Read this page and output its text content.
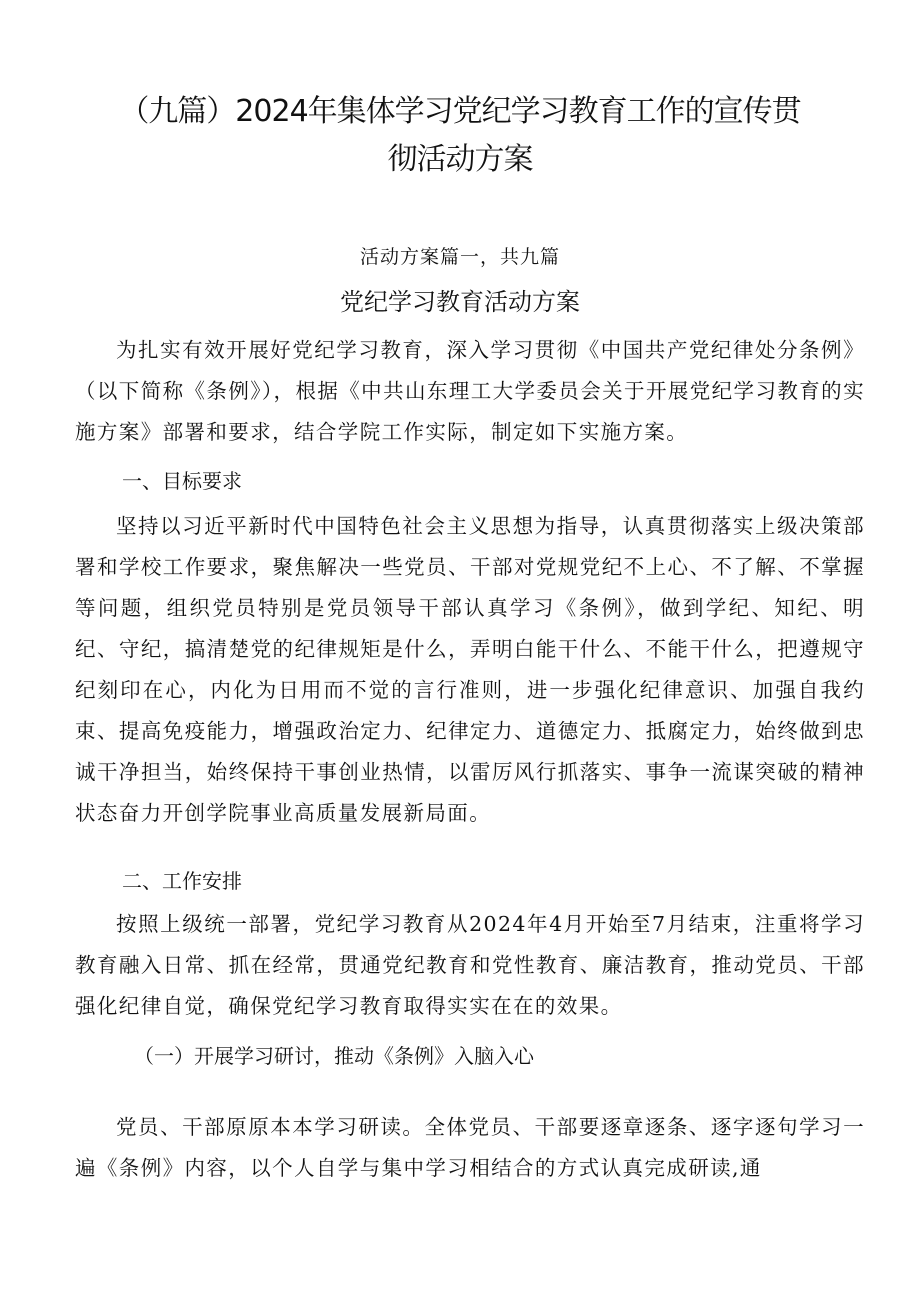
（九篇）2024年集体学习党纪学习教育工作的宣传贯
彻活动方案
活动方案篇一，共九篇
党纪学习教育活动方案

为扎实有效开展好党纪学习教育，深入学习贯彻《中国共产党纪律处分条例》（以下简称《条例》），根据《中共山东理工大学委员会关于开展党纪学习教育的实施方案》部署和要求，结合学院工作实际，制定如下实施方案。

一、目标要求

坚持以习近平新时代中国特色社会主义思想为指导，认真贯彻落实上级决策部署和学校工作要求，聚焦解决一些党员、干部对党规党纪不上心、不了解、不掌握等问题，组织党员特别是党员领导干部认真学习《条例》，做到学纪、知纪、明纪、守纪，搞清楚党的纪律规矩是什么，弄明白能干什么、不能干什么，把遵规守纪刻印在心，内化为日用而不觉的言行准则，进一步强化纪律意识、加强自我约束、提高免疫能力，增强政治定力、纪律定力、道德定力、抵腐定力，始终做到忠诚干净担当，始终保持干事创业热情，以雷厉风行抓落实、事争一流谋突破的精神状态奋力开创学院事业高质量发展新局面。

二、工作安排

按照上级统一部署，党纪学习教育从2024年4月开始至7月结束，注重将学习教育融入日常、抓在经常，贯通党纪教育和党性教育、廉洁教育，推动党员、干部强化纪律自觉，确保党纪学习教育取得实实在在的效果。

（一）开展学习研讨，推动《条例》入脑入心

党员、干部原原本本学习研读。全体党员、干部要逐章逐条、逐字逐句学习一遍《条例》内容，以个人自学与集中学习相结合的方式认真完成研读,通
